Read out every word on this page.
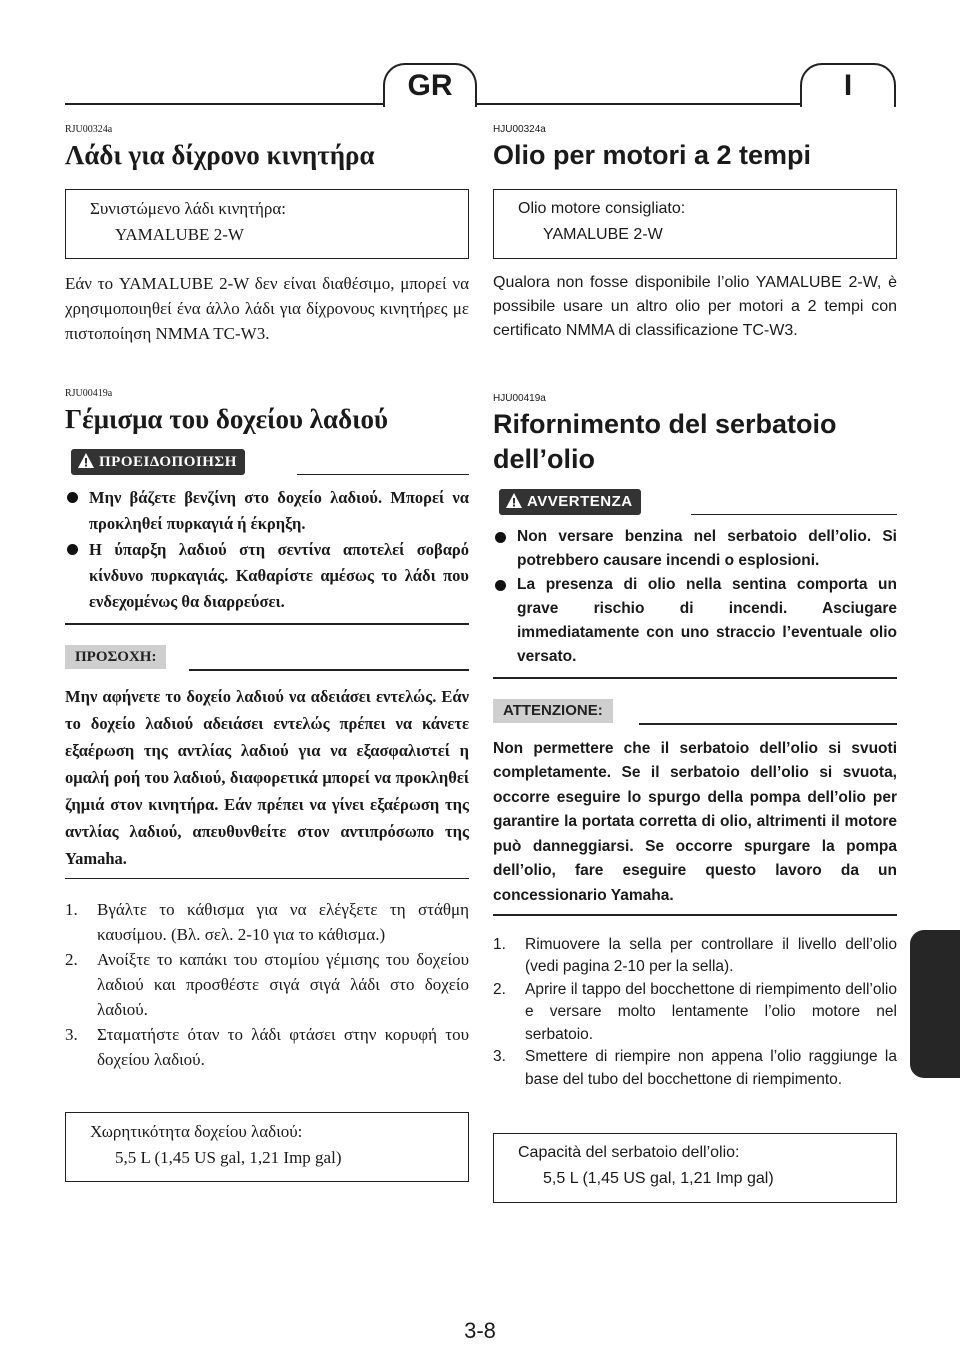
GR	I

RJU00324a

Λάδι για δίχρονο κινητήρα
Συνιστώμενο λάδι κινητήρα:
YAMALUBE 2-W

Εάν το YAMALUBE 2-W δεν είναι διαθέσιμο, μπορεί να χρησιμοποιηθεί ένα άλλο λάδι για δίχρονους κινητήρες με πιστοποίηση NMMA TC-W3.

RJU00419a

Γέμισμα του δοχείου λαδιού
ΠΡΟΕΙΔΟΠΟΙΗΣΗ
Μην βάζετε βενζίνη στο δοχείο λαδιού. Μπορεί να προκληθεί πυρκαγιά ή έκρηξη.
Η ύπαρξη λαδιού στη σεντίνα αποτελεί σοβαρό κίνδυνο πυρκαγιάς. Καθαρίστε αμέσως το λάδι που ενδεχομένως θα διαρρεύσει.
ΠΡΟΣΟΧΗ:

Μην αφήνετε το δοχείο λαδιού να αδειάσει εντελώς. Εάν το δοχείο λαδιού αδειάσει εντελώς πρέπει να κάνετε εξαέρωση της αντλίας λαδιού για να εξασφαλιστεί η ομαλή ροή του λαδιού, διαφορετικά μπορεί να προκληθεί ζημιά στον κινητήρα. Εάν πρέπει να γίνει εξαέρωση της αντλίας λαδιού, απευθυνθείτε στον αντιπρόσωπο της Yamaha.

1. Βγάλτε το κάθισμα για να ελέγξετε τη στάθμη καυσίμου. (Βλ. σελ. 2-10 για το κάθισμα.)
2. Ανοίξτε το καπάκι του στομίου γέμισης του δοχείου λαδιού και προσθέστε σιγά σιγά λάδι στο δοχείο λαδιού.
3. Σταματήστε όταν το λάδι φτάσει στην κορυφή του δοχείου λαδιού.
Χωρητικότητα δοχείου λαδιού:
5,5 L (1,45 US gal, 1,21 Imp gal)

HJU00324a

Olio per motori a 2 tempi
Olio motore consigliato:
YAMALUBE 2-W

Qualora non fosse disponibile l’olio YAMALUBE 2-W, è possibile usare un altro olio per motori a 2 tempi con certificato NMMA di classificazione TC-W3.

HJU00419a

Rifornimento del serbatoio dell’olio
AVVERTENZA
Non versare benzina nel serbatoio dell’olio. Si potrebbero causare incendi o esplosioni.
La presenza di olio nella sentina comporta un grave rischio di incendi. Asciugare immediatamente con uno straccio l’eventuale olio versato.
ATTENZIONE:

Non permettere che il serbatoio dell’olio si svuoti completamente. Se il serbatoio dell’olio si svuota, occorre eseguire lo spurgo della pompa dell’olio per garantire la portata corretta di olio, altrimenti il motore può danneggiarsi. Se occorre spurgare la pompa dell’olio, fare eseguire questo lavoro da un concessionario Yamaha.

1. Rimuovere la sella per controllare il livello dell’olio (vedi pagina 2-10 per la sella).
2. Aprire il tappo del bocchettone di riempimento dell’olio e versare molto lentamente l’olio motore nel serbatoio.
3. Smettere di riempire non appena l’olio raggiunge la base del tubo del bocchettone di riempimento.
Capacità del serbatoio dell’olio:
5,5 L (1,45 US gal, 1,21 Imp gal)
3-8
